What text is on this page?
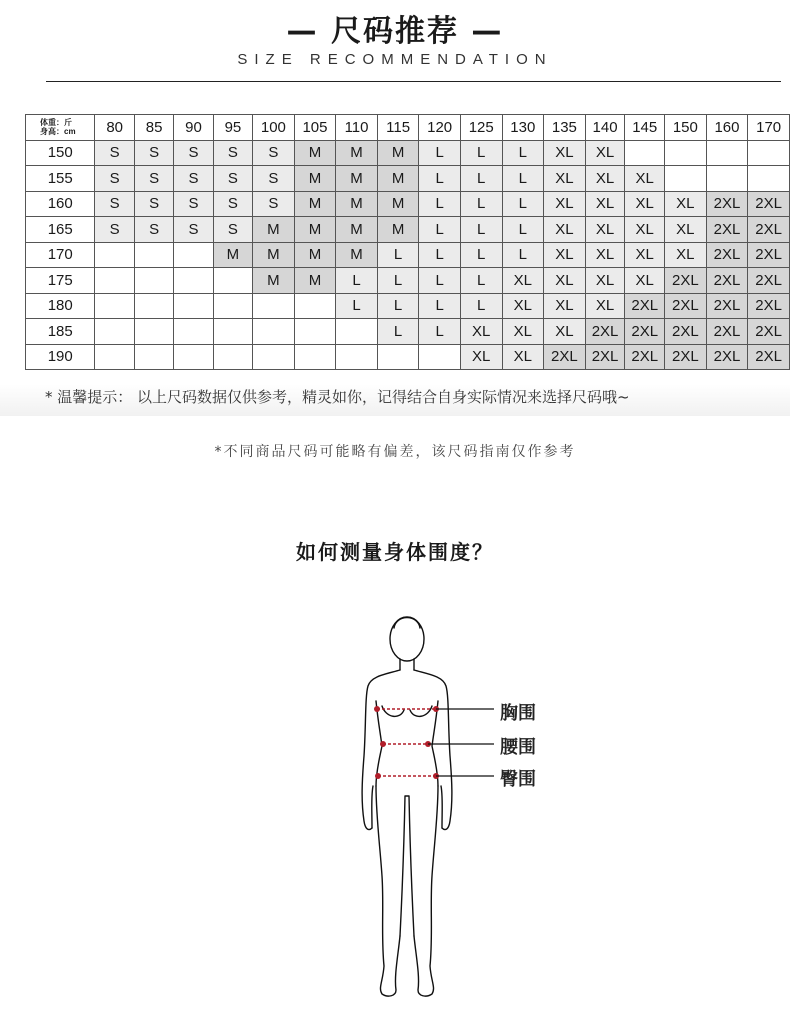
— 尺码推荐 —
SIZE RECOMMENDATION
体重：斤
身高：cm	80	85	90	95	100	105	110	115	120	125	130	135	140	145	150	160	170
150	S	S	S	S	S	M	M	M	L	L	L	XL	XL				
155	S	S	S	S	S	M	M	M	L	L	L	XL	XL	XL			
160	S	S	S	S	S	M	M	M	L	L	L	XL	XL	XL	XL	2XL	2XL
165	S	S	S	S	M	M	M	M	L	L	L	XL	XL	XL	XL	2XL	2XL
170				M	M	M	M	L	L	L	L	XL	XL	XL	XL	2XL	2XL
175					M	M	L	L	L	L	XL	XL	XL	XL	2XL	2XL	2XL
180							L	L	L	L	XL	XL	XL	2XL	2XL	2XL	2XL
185								L	L	XL	XL	XL	2XL	2XL	2XL	2XL	2XL
190										XL	XL	2XL	2XL	2XL	2XL	2XL	2XL
* 温馨提示： 以上尺码数据仅供参考，精灵如你，记得结合自身实际情况来选择尺码哦~
*不同商品尺码可能略有偏差，该尺码指南仅作参考
如何测量身体围度？
胸围
腰围
臀围
